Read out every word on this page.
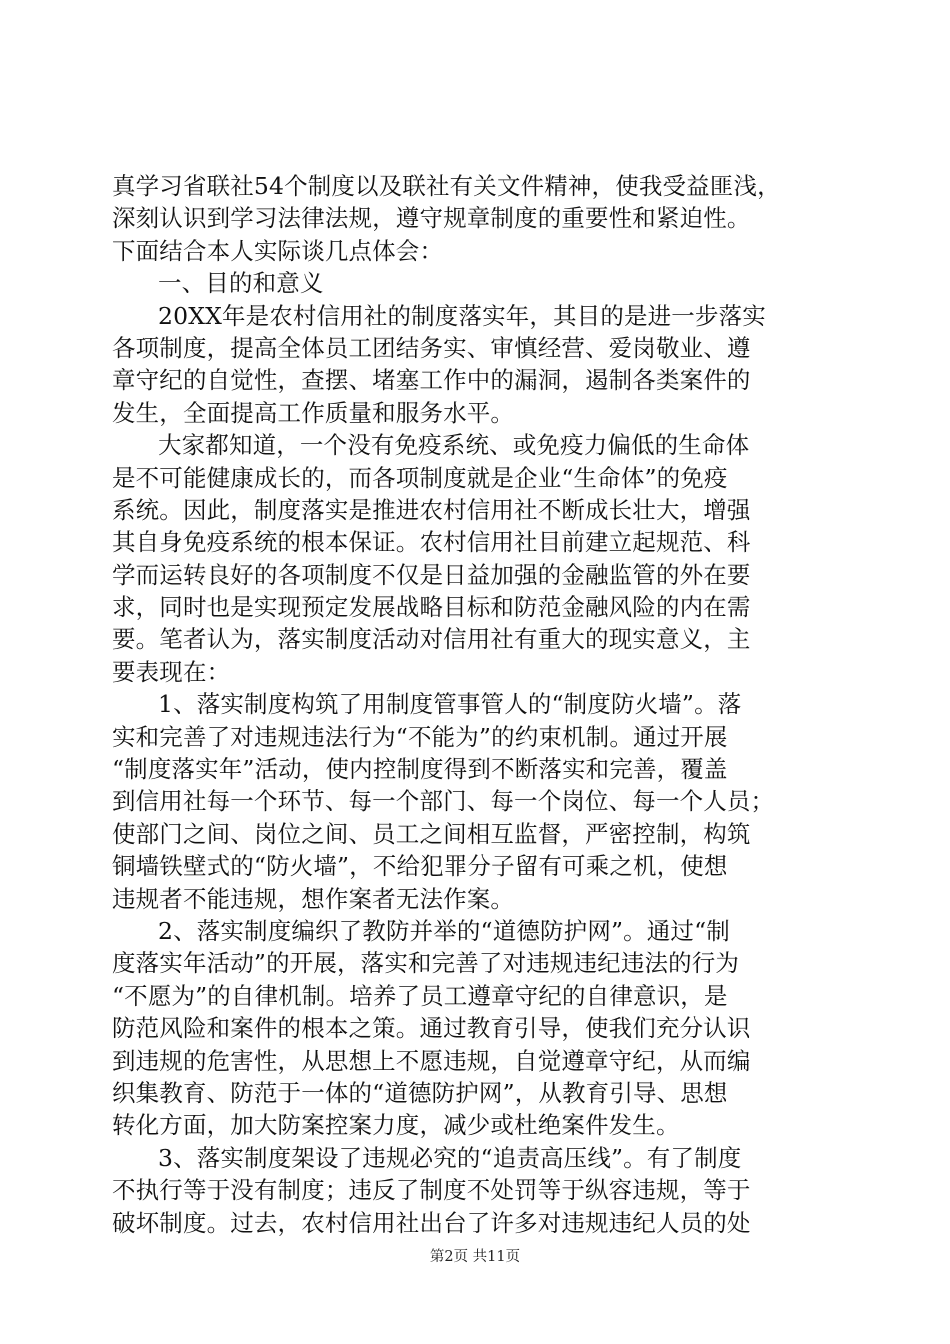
真学习省联社54个制度以及联社有关文件精神，使我受益匪浅，
深刻认识到学习法律法规，遵守规章制度的重要性和紧迫性。
下面结合本人实际谈几点体会：
一、目的和意义
20XX年是农村信用社的制度落实年，其目的是进一步落实
各项制度，提高全体员工团结务实、审慎经营、爱岗敬业、遵
章守纪的自觉性，查摆、堵塞工作中的漏洞，遏制各类案件的
发生，全面提高工作质量和服务水平。
大家都知道，一个没有免疫系统、或免疫力偏低的生命体
是不可能健康成长的，而各项制度就是企业“生命体”的免疫
系统。因此，制度落实是推进农村信用社不断成长壮大，增强
其自身免疫系统的根本保证。农村信用社目前建立起规范、科
学而运转良好的各项制度不仅是日益加强的金融监管的外在要
求，同时也是实现预定发展战略目标和防范金融风险的内在需
要。笔者认为，落实制度活动对信用社有重大的现实意义，主
要表现在：
1、落实制度构筑了用制度管事管人的“制度防火墙”。落
实和完善了对违规违法行为“不能为”的约束机制。通过开展
“制度落实年”活动，使内控制度得到不断落实和完善，覆盖
到信用社每一个环节、每一个部门、每一个岗位、每一个人员；
使部门之间、岗位之间、员工之间相互监督，严密控制，构筑
铜墙铁壁式的“防火墙”，不给犯罪分子留有可乘之机，使想
违规者不能违规，想作案者无法作案。
2、落实制度编织了教防并举的“道德防护网”。通过“制
度落实年活动”的开展，落实和完善了对违规违纪违法的行为
“不愿为”的自律机制。培养了员工遵章守纪的自律意识，是
防范风险和案件的根本之策。通过教育引导，使我们充分认识
到违规的危害性，从思想上不愿违规，自觉遵章守纪，从而编
织集教育、防范于一体的“道德防护网”，从教育引导、思想
转化方面，加大防案控案力度，减少或杜绝案件发生。
3、落实制度架设了违规必究的“追责高压线”。有了制度
不执行等于没有制度；违反了制度不处罚等于纵容违规，等于
破坏制度。过去，农村信用社出台了许多对违规违纪人员的处
第2页 共11页
